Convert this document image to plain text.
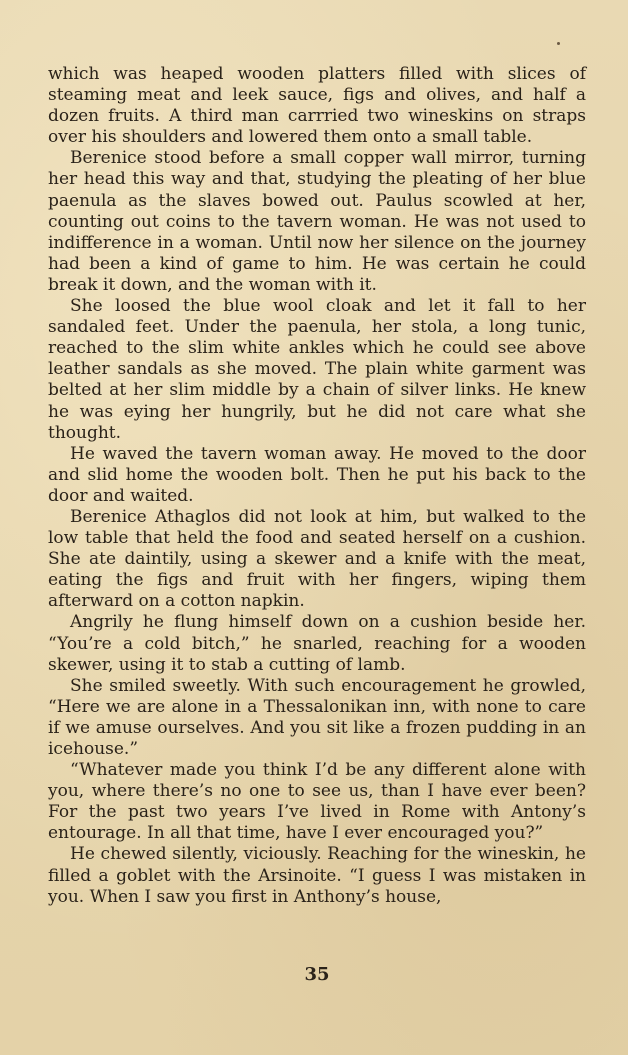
which was heaped wooden platters filled with slices of steaming meat and leek sauce, figs and olives, and half a dozen fruits. A third man carrried two wineskins on straps over his shoulders and lowered them onto a small table.

Berenice stood before a small copper wall mirror, turning her head this way and that, studying the pleating of her blue paenula as the slaves bowed out. Paulus scowled at her, counting out coins to the tavern woman. He was not used to indifference in a woman. Until now her silence on the journey had been a kind of game to him. He was certain he could break it down, and the woman with it.

She loosed the blue wool cloak and let it fall to her sandaled feet. Under the paenula, her stola, a long tunic, reached to the slim white ankles which he could see above leather sandals as she moved. The plain white garment was belted at her slim middle by a chain of silver links. He knew he was eying her hungrily, but he did not care what she thought.

He waved the tavern woman away. He moved to the door and slid home the wooden bolt. Then he put his back to the door and waited.

Berenice Athaglos did not look at him, but walked to the low table that held the food and seated herself on a cushion. She ate daintily, using a skewer and a knife with the meat, eating the figs and fruit with her fingers, wiping them afterward on a cotton napkin.

Angrily he flung himself down on a cushion beside her. “You’re a cold bitch,” he snarled, reaching for a wooden skewer, using it to stab a cutting of lamb.

She smiled sweetly. With such encouragement he growled, “Here we are alone in a Thessalonikan inn, with none to care if we amuse ourselves. And you sit like a frozen pudding in an icehouse.”

“Whatever made you think I’d be any different alone with you, where there’s no one to see us, than I have ever been? For the past two years I’ve lived in Rome with Antony’s entourage. In all that time, have I ever encouraged you?”

He chewed silently, viciously. Reaching for the wineskin, he filled a goblet with the Arsinoite. “I guess I was mistaken in you. When I saw you first in Anthony’s house,

35
